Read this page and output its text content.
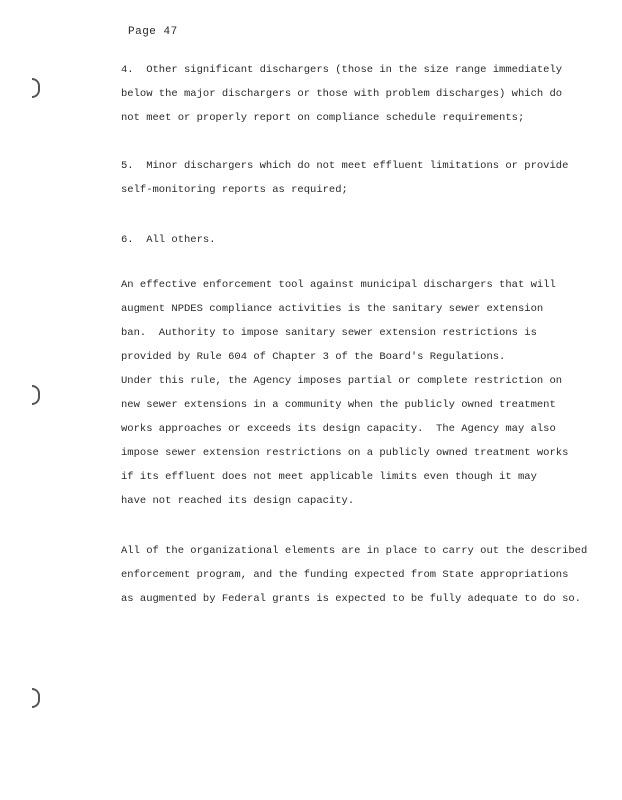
Page 47

4.  Other significant dischargers (those in the size range immediately
below the major dischargers or those with problem discharges) which do
not meet or properly report on compliance schedule requirements;

5.  Minor dischargers which do not meet effluent limitations or provide
self-monitoring reports as required;

6.  All others.

An effective enforcement tool against municipal dischargers that will
augment NPDES compliance activities is the sanitary sewer extension
ban.  Authority to impose sanitary sewer extension restrictions is
provided by Rule 604 of Chapter 3 of the Board's Regulations.
Under this rule, the Agency imposes partial or complete restriction on
new sewer extensions in a community when the publicly owned treatment
works approaches or exceeds its design capacity.  The Agency may also
impose sewer extension restrictions on a publicly owned treatment works
if its effluent does not meet applicable limits even though it may
have not reached its design capacity.

All of the organizational elements are in place to carry out the described
enforcement program, and the funding expected from State appropriations
as augmented by Federal grants is expected to be fully adequate to do so.
